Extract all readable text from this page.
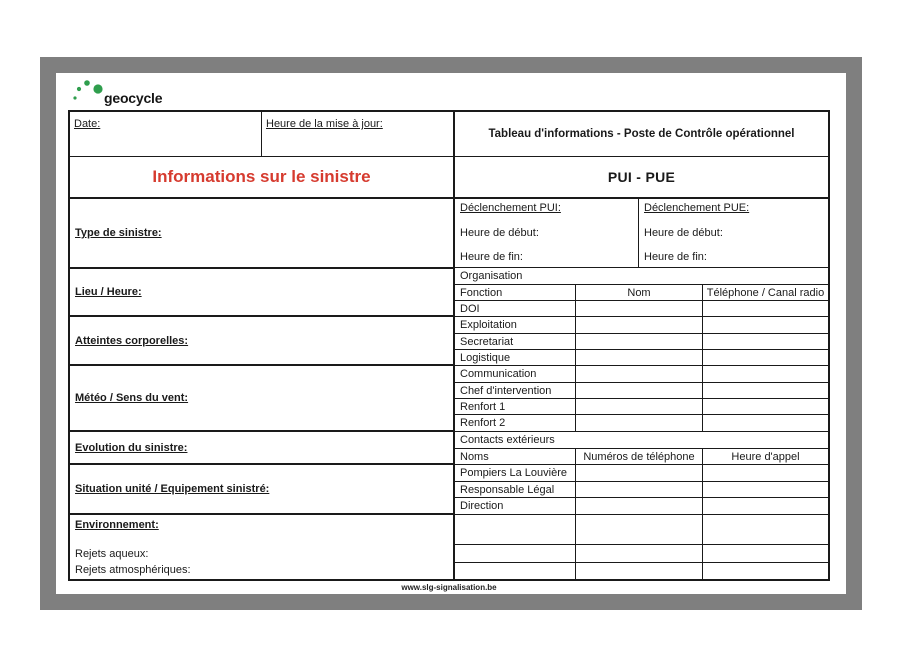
geocycle
Date:	Heure de la mise à jour:
Tableau d'informations - Poste de Contrôle opérationnel
Informations sur le sinistre	PUI - PUE
Type de sinistre:
Lieu / Heure:
Atteintes corporelles:
Météo / Sens du vent:
Evolution du sinistre:
Situation unité / Equipement sinistré:
Environnement:
Rejets aqueux:
Rejets atmosphériques:
Déclenchement PUI:
Heure de début:
Heure de fin:
Déclenchement PUE:
Heure de début:
Heure de fin:
Organisation
Fonction	Nom	Téléphone / Canal radio
DOI
Exploitation
Secretariat
Logistique
Communication
Chef d'intervention
Renfort 1
Renfort 2
Contacts extérieurs
Noms	Numéros de téléphone	Heure d'appel
Pompiers La Louvière
Responsable Légal
Direction
www.slg-signalisation.be
